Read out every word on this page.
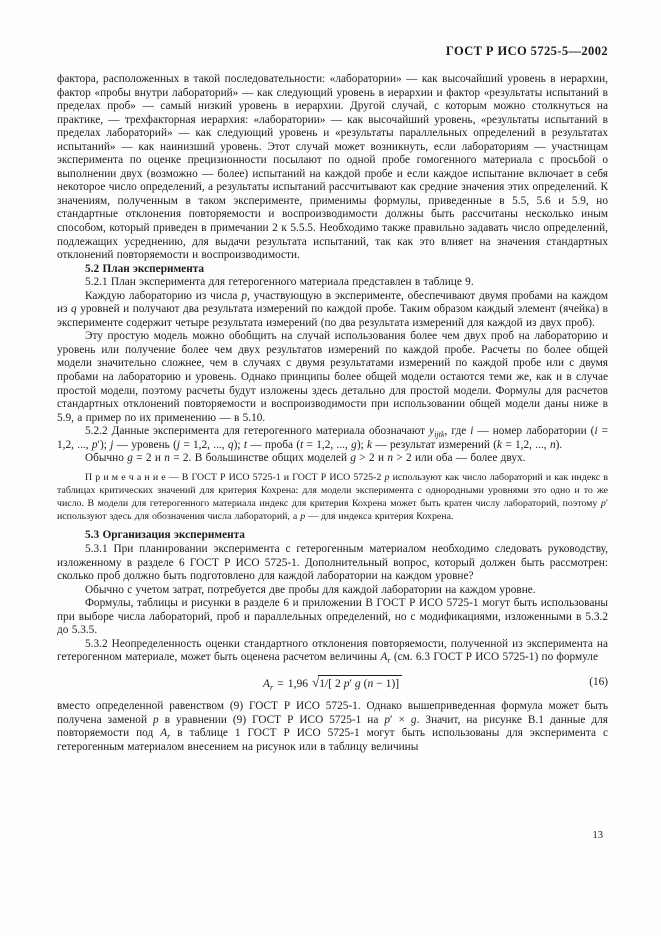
ГОСТ Р ИСО 5725-5—2002

фактора, расположенных в такой последовательности: «лаборатории» — как высочайший уровень в иерархии, фактор «пробы внутри лабораторий» — как следующий уровень в иерархии и фактор «результаты испытаний в пределах проб» — самый низкий уровень в иерархии. Другой случай, с которым можно столкнуться на практике, — трехфакторная иерархия: «лаборатории» — как высочайший уровень, «результаты испытаний в пределах лабораторий» — как следующий уровень и «результаты параллельных определений в результатах испытаний» — как наинизший уровень. Этот случай может возникнуть, если лабораториям — участницам эксперимента по оценке прецизионности посылают по одной пробе гомогенного материала с просьбой о выполнении двух (возможно — более) испытаний на каждой пробе и если каждое испытание включает в себя некоторое число определений, а результаты испытаний рассчитывают как средние значения этих определений. К значениям, полученным в таком эксперименте, применимы формулы, приведенные в 5.5, 5.6 и 5.9, но стандартные отклонения повторяемости и воспроизводимости должны быть рассчитаны несколько иным способом, который приведен в примечании 2 к 5.5.5. Необходимо также правильно задавать число определений, подлежащих усреднению, для выдачи результата испытаний, так как это влияет на значения стандартных отклонений повторяемости и воспроизводимости.

5.2 План эксперимента

5.2.1 План эксперимента для гетерогенного материала представлен в таблице 9.

Каждую лабораторию из числа p, участвующую в эксперименте, обеспечивают двумя пробами на каждом из q уровней и получают два результата измерений по каждой пробе. Таким образом каждый элемент (ячейка) в эксперименте содержит четыре результата измерений (по два результата измерений для каждой из двух проб).

Эту простую модель можно обобщить на случай использования более чем двух проб на лабораторию и уровень или получение более чем двух результатов измерений по каждой пробе. Расчеты по более общей модели значительно сложнее, чем в случаях с двумя результатами измерений по каждой пробе или с двумя пробами на лабораторию и уровень. Однако принципы более общей модели остаются теми же, как и в случае простой модели, поэтому расчеты будут изложены здесь детально для простой модели. Формулы для расчетов стандартных отклонений повторяемости и воспроизводимости при использовании общей модели даны ниже в 5.9, а пример по их применению — в 5.10.

5.2.2 Данные эксперимента для гетерогенного материала обозначают $y_{ijtk}$, где i — номер лаборатории (i = 1,2, ..., p′); j — уровень (j = 1,2, ..., q); t — проба (t = 1,2, ..., g); k — результат измерений (k = 1,2, ..., n).

Обычно g = 2 и n = 2. В большинстве общих моделей g > 2 и n > 2 или оба — более двух.

П р и м е ч а н и е — В ГОСТ Р ИСО 5725-1 и ГОСТ Р ИСО 5725-2 p используют как число лабораторий и как индекс в таблицах критических значений для критерия Кохрена: для модели эксперимента с однородными уровнями это одно и то же число. В модели для гетерогенного материала индекс для критерия Кохрена может быть кратен числу лабораторий, поэтому p′ используют здесь для обозначения числа лабораторий, а p — для индекса критерия Кохрена.

5.3 Организация эксперимента

5.3.1 При планировании эксперимента с гетерогенным материалом необходимо следовать руководству, изложенному в разделе 6 ГОСТ Р ИСО 5725-1. Дополнительный вопрос, который должен быть рассмотрен: сколько проб должно быть подготовлено для каждой лаборатории на каждом уровне?

Обычно с учетом затрат, потребуется две пробы для каждой лаборатории на каждом уровне.

Формулы, таблицы и рисунки в разделе 6 и приложении В ГОСТ Р ИСО 5725-1 могут быть использованы при выборе числа лабораторий, проб и параллельных определений, но с модификациями, изложенными в 5.3.2 до 5.3.5.

5.3.2 Неопределенность оценки стандартного отклонения повторяемости, полученной из эксперимента на гетерогенном материале, может быть оценена расчетом величины $A_r$ (см. 6.3 ГОСТ Р ИСО 5725-1) по формуле

$A_r = 1,96$ √1/[ 2 p′ g (n − 1)]	(16)

вместо определенной равенством (9) ГОСТ Р ИСО 5725-1. Однако вышеприведенная формула может быть получена заменой p в уравнении (9) ГОСТ Р ИСО 5725-1 на p′ × g. Значит, на рисунке В.1 данные для повторяемости под $A_r$ в таблице 1 ГОСТ Р ИСО 5725-1 могут быть использованы для эксперимента с гетерогенным материалом внесением на рисунок или в таблицу величины

13
